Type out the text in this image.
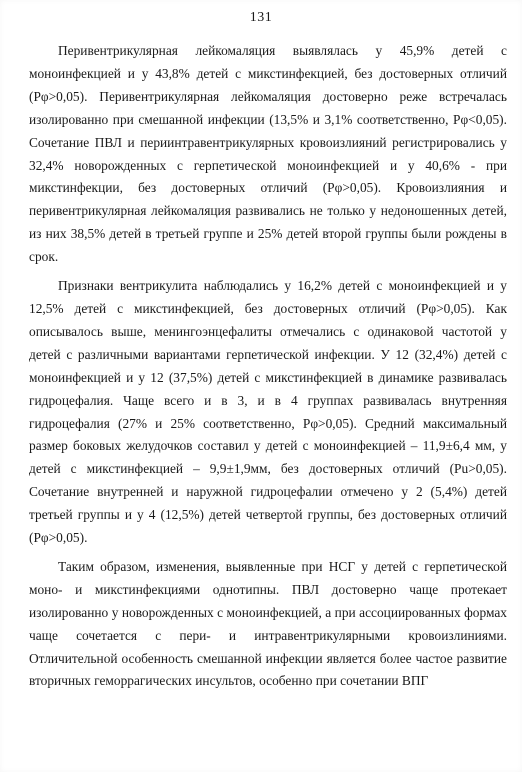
131

Перивентрикулярная лейкомаляция выявлялась у 45,9% детей с моноинфекцией и у 43,8% детей с микстинфекцией, без достоверных отличий (Pφ>0,05). Перивентрикулярная лейкомаляция достоверно реже встречалась изолированно при смешанной инфекции (13,5% и 3,1% соответственно, Pφ<0,05). Сочетание ПВЛ и периинтравентрикулярных кровоизлияний регистрировались у 32,4% новорожденных с герпетической моноинфекцией и у 40,6% - при микстинфекции, без достоверных отличий (Pφ>0,05). Кровоизлияния и перивентрикулярная лейкомаляция развивались не только у недоношенных детей, из них 38,5% детей в третьей группе и 25% детей второй группы были рождены в срок.

Признаки вентрикулита наблюдались у 16,2% детей с моноинфекцией и у 12,5% детей с микстинфекцией, без достоверных отличий (Pφ>0,05). Как описывалось выше, менингоэнцефалиты отмечались с одинаковой частотой у детей с различными вариантами герпетической инфекции. У 12 (32,4%) детей с моноинфекцией и у 12 (37,5%) детей с микстинфекцией в динамике развивалась гидроцефалия. Чаще всего и в 3, и в 4 группах развивалась внутренняя гидроцефалия (27% и 25% соответственно, Pφ>0,05). Средний максимальный размер боковых желудочков составил у детей с моноинфекцией – 11,9±6,4 мм, у детей с микстинфекцией – 9,9±1,9мм, без достоверных отличий (Pu>0,05). Сочетание внутренней и наружной гидроцефалии отмечено у 2 (5,4%) детей третьей группы и у 4 (12,5%) детей четвертой группы, без достоверных отличий (Pφ>0,05).

Таким образом, изменения, выявленные при НСГ у детей с герпетической моно- и микстинфекциями однотипны. ПВЛ достоверно чаще протекает изолированно у новорожденных с моноинфекцией, а при ассоциированных формах чаще сочетается с пери- и интравентрикулярными кровоизлиниями. Отличительной особенность смешанной инфекции является более частое развитие вторичных геморрагических инсультов, особенно при сочетании ВПГ
